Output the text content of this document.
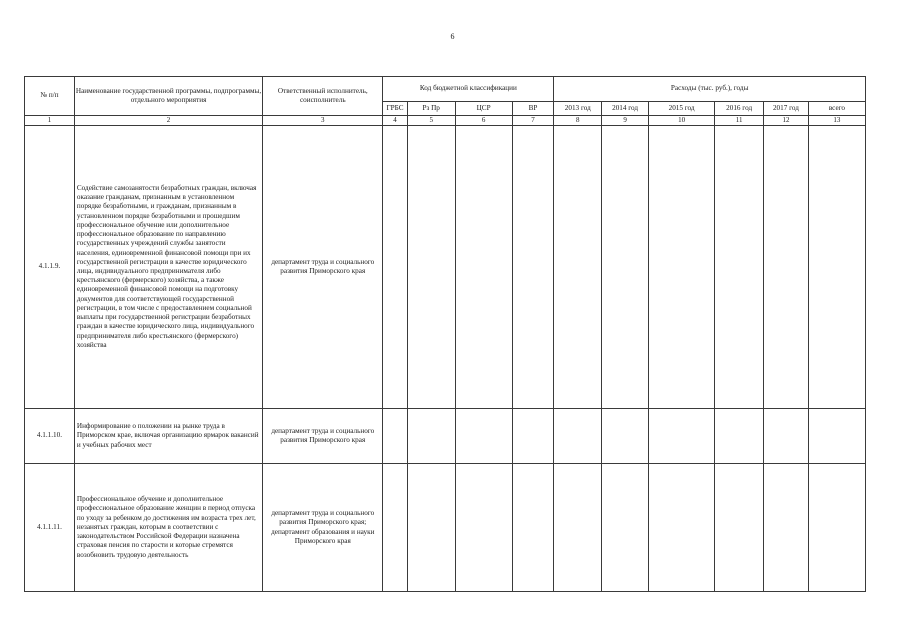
6
№ п/п	Наименование государственной программы, подпрограммы, отдельного мероприятия	Ответственный исполнитель, соисполнитель	Код бюджетной классификации				Расходы (тыс. руб.), годы					
			ГРБС	Рз Пр	ЦСР	ВР	2013 год	2014 год	2015 год	2016 год	2017 год	всего
1	2	3	4	5	6	7	8	9	10	11	12	13
4.1.1.9.	Содействие самозанятости безработных граждан, включая оказание гражданам, признанным в установленном порядке безработными, и гражданам, признанным в установленном порядке безработными и прошедшим профессиональное обучение или дополнительное профессиональное образование по направлению государственных учреждений службы занятости населения, единовременной финансовой помощи при их государственной регистрации в качестве юридического лица, индивидуального предпринимателя либо крестьянского (фермерского) хозяйства, а также единовременной финансовой помощи на подготовку документов для соответствующей государственной регистрации, в том числе с предоставлением социальной выплаты при государственной регистрации безработных граждан в качестве юридического лица, индивидуального предпринимателя либо крестьянского (фермерского) хозяйства	департамент труда и социального развития Приморского края										
4.1.1.10.	Информирование о положении на рынке труда в Приморском крае, включая организацию ярмарок вакансий и учебных рабочих мест	департамент труда и социального развития Приморского края										
4.1.1.11.	Профессиональное обучение и дополнительное профессиональное образование женщин в период отпуска по уходу за ребенком до достижения им возраста трех лет, незанятых граждан, которым в соответствии с законодательством Российской Федерации назначена страховая пенсия по старости и которые стремятся возобновить трудовую деятельность	департамент труда и социального развития Приморского края; департамент образования и науки Приморского края										
